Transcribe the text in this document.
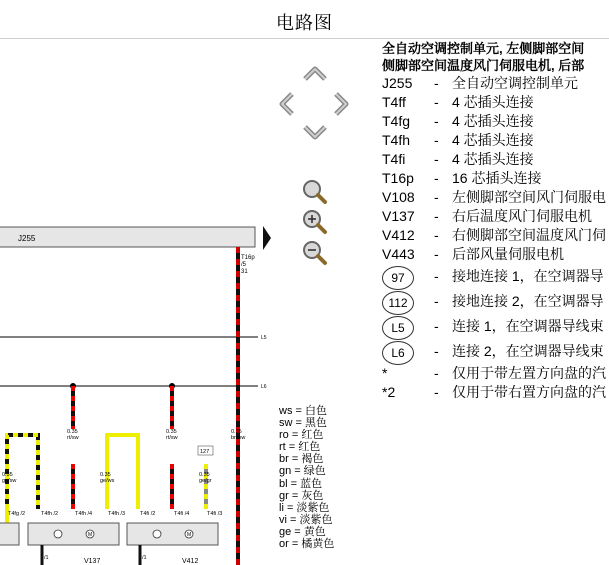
电路图
J255
T16p
/5
31
L5
L6
0.35
ge/sw
0.35
ge/ws
0.35
rt/sw
0.35
ge/gr
0.35
rt/sw
0.35
bn/sw
127
T4fg /2	T4fh /2	T4fh /4	T4fh /3	T4fi /2	T4fi /4	T4fi /3
M	M
/1	/1
V137	V412
全自动空调控制单元, 左侧脚部空间
侧脚部空间温度风门伺服电机, 后部
J255 - 全自动空调控制单元
T4ff - 4 芯插头连接
T4fg - 4 芯插头连接
T4fh - 4 芯插头连接
T4fi - 4 芯插头连接
T16p - 16 芯插头连接
V108 - 左侧脚部空间风门伺服电
V137 - 右后温度风门伺服电机
V412 - 右侧脚部空间温度风门伺
V443 - 后部风量伺服电机
97	- 接地连接 1，在空调器导
112	- 接地连接 2，在空调器导
L5	- 连接 1，在空调器导线束
L6	- 连接 2，在空调器导线束
*	- 仅用于带左置方向盘的汽
*2	- 仅用于带右置方向盘的汽
ws = 白色
sw = 黑色
ro = 红色
rt = 红色
br = 褐色
gn = 绿色
bl = 蓝色
gr = 灰色
li = 淡紫色
vi = 淡紫色
ge = 黄色
or = 橘黄色
